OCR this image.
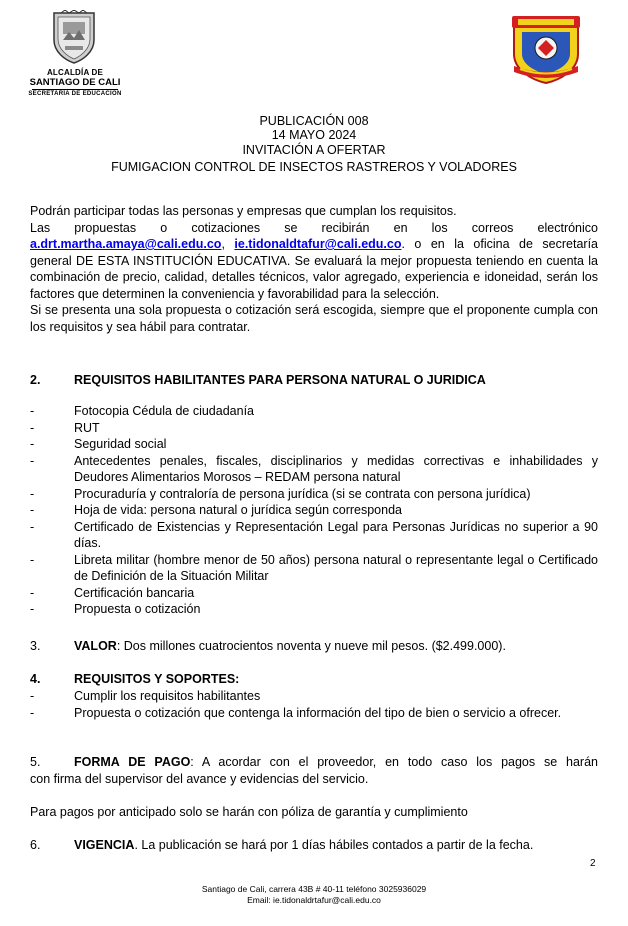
ALCALDÍA DE
SANTIAGO DE CALI
SECRETARÍA DE EDUCACIÓN
PUBLICACIÓN 008
14 MAYO 2024
INVITACIÓN A OFERTAR
FUMIGACION CONTROL DE INSECTOS RASTREROS Y VOLADORES
Podrán participar todas las personas y empresas que cumplan los requisitos.
Las propuestas o cotizaciones se recibirán en los correos electrónico a.drt.martha.amaya@cali.edu.co, ie.tidonaldtafur@cali.edu.co. o en la oficina de secretaría general DE ESTA INSTITUCIÓN EDUCATIVA. Se evaluará la mejor propuesta teniendo en cuenta la combinación de precio, calidad, detalles técnicos, valor agregado, experiencia e idoneidad, serán los factores que determinen la conveniencia y favorabilidad para la selección.
Si se presenta una sola propuesta o cotización será escogida, siempre que el proponente cumpla con los requisitos y sea hábil para contratar.
2.	REQUISITOS HABILITANTES PARA PERSONA NATURAL O JURIDICA
-	Fotocopia Cédula de ciudadanía
-	RUT
-	Seguridad social
-	Antecedentes penales, fiscales, disciplinarios y medidas correctivas e inhabilidades y Deudores Alimentarios Morosos – REDAM persona natural
-	Procuraduría y contraloría de persona jurídica (si se contrata con persona jurídica)
-	Hoja de vida: persona natural o jurídica según corresponda
-	Certificado de Existencias y Representación Legal para Personas Jurídicas no superior a 90 días.
-	Libreta militar (hombre menor de 50 años) persona natural o representante legal o Certificado de Definición de la Situación Militar
-	Certificación bancaria
-	Propuesta o cotización
3.	VALOR: Dos millones cuatrocientos noventa y nueve mil pesos. ($2.499.000).
4.	REQUISITOS Y SOPORTES:
-	Cumplir los requisitos habilitantes
-	Propuesta o cotización que contenga la información del tipo de bien o servicio a ofrecer.
5.	FORMA DE PAGO: A acordar con el proveedor, en todo caso los pagos se harán
con firma del supervisor del avance y evidencias del servicio.
Para pagos por anticipado solo se harán con póliza de garantía y cumplimiento
6.	VIGENCIA. La publicación se hará por 1 días hábiles contados a partir de la fecha.
2
Santiago de Cali, carrera 43B # 40-11 teléfono 3025936029
Email: ie.tidonaldrtafur@cali.edu.co
